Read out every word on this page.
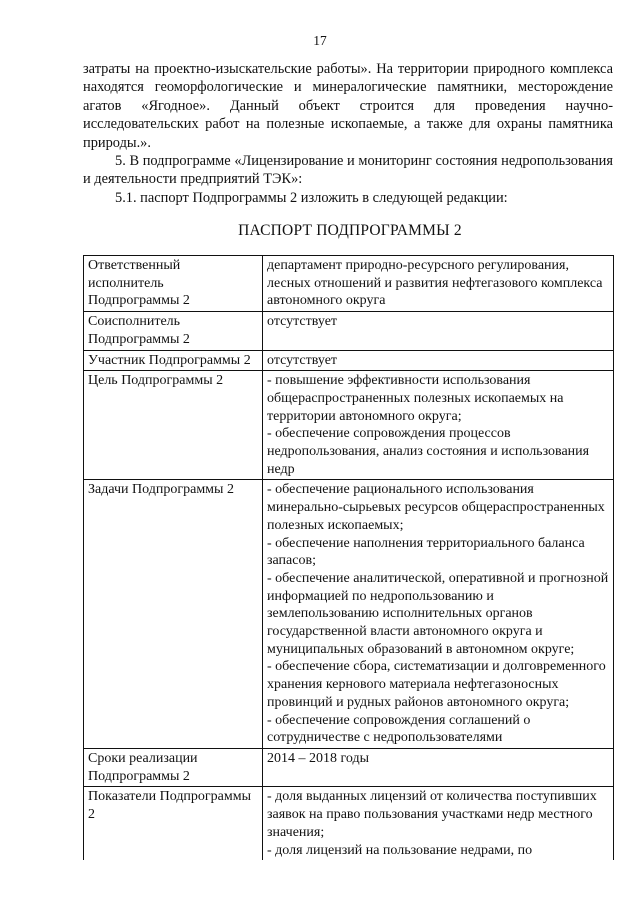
17

затраты на проектно-изыскательские работы». На территории природного комплекса находятся геоморфологические и минералогические памятники, месторождение агатов «Ягодное». Данный объект строится для проведения научно-исследовательских работ на полезные ископаемые, а также для охраны памятника природы.».

5. В подпрограмме «Лицензирование и мониторинг состояния недропользования и деятельности предприятий ТЭК»:

5.1. паспорт Подпрограммы 2 изложить в следующей редакции:

ПАСПОРТ ПОДПРОГРАММЫ 2
Ответственный исполнитель Подпрограммы 2	департамент природно-ресурсного регулирования, лесных отношений и развития нефтегазового комплекса автономного округа

Соисполнитель Подпрограммы 2	отсутствует

Участник Подпрограммы 2	отсутствует

Цель Подпрограммы 2	- повышение эффективности использования общераспространенных полезных ископаемых на территории автономного округа;
- обеспечение сопровождения процессов недропользования, анализ состояния и использования недр

Задачи Подпрограммы 2	- обеспечение рационального использования минерально-сырьевых ресурсов общераспространенных полезных ископаемых;
- обеспечение наполнения территориального баланса запасов;
- обеспечение аналитической, оперативной и прогнозной информацией по недропользованию и землепользованию исполнительных органов государственной власти автономного округа и муниципальных образований в автономном округе;
- обеспечение сбора, систематизации и долговременного хранения кернового материала нефтегазоносных провинций и рудных районов автономного округа;
- обеспечение сопровождения соглашений о сотрудничестве с недропользователями

Сроки реализации Подпрограммы 2	2014 – 2018 годы

Показатели Подпрограммы 2	- доля выданных лицензий от количества поступивших заявок на право пользования участками недр местного значения;
- доля лицензий на пользование недрами, по
